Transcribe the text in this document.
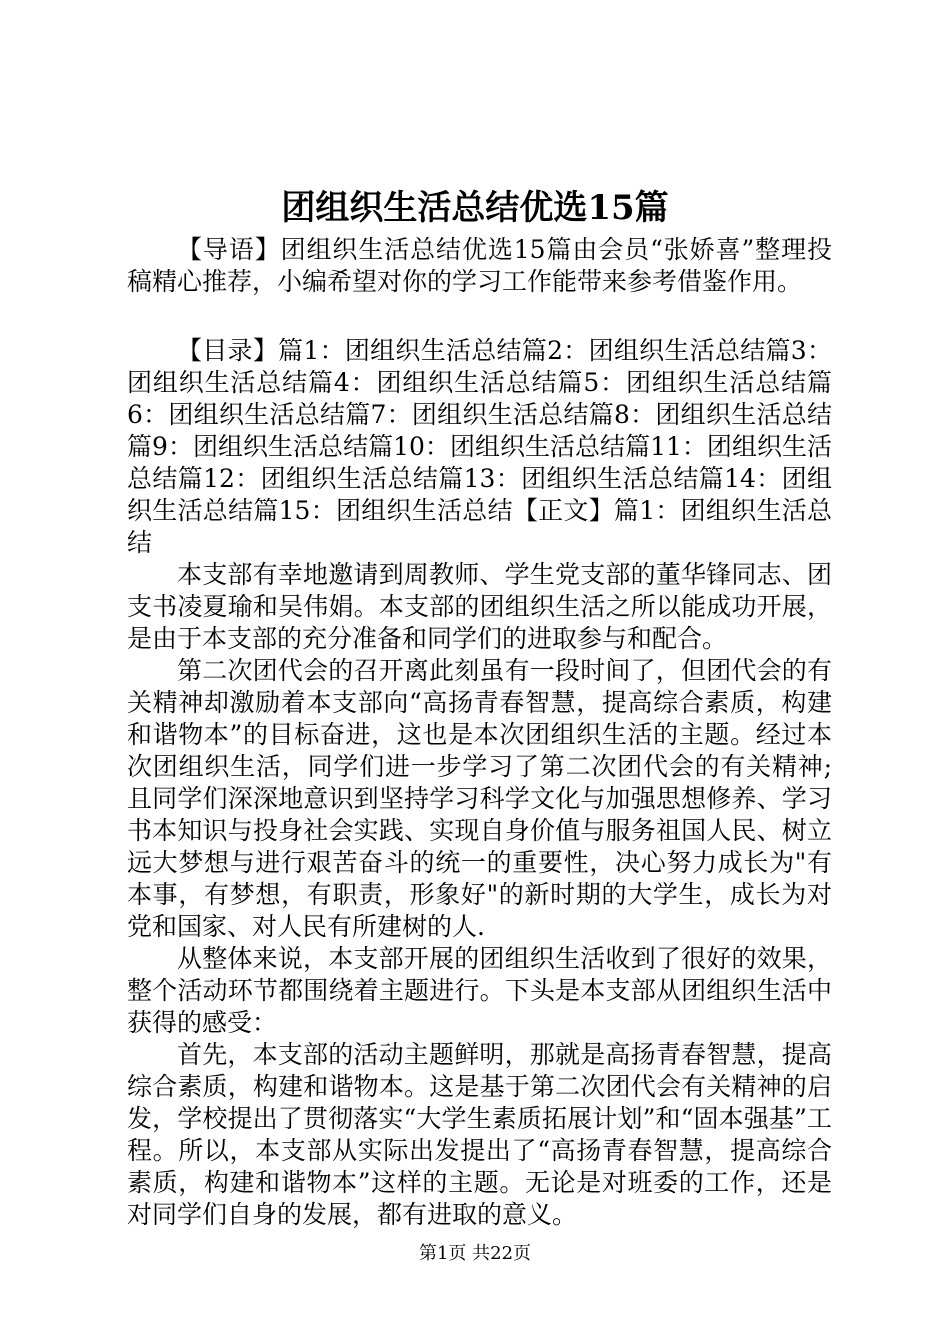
团组织生活总结优选15篇

【导语】团组织生活总结优选15篇由会员“张娇喜”整理投稿精心推荐，小编希望对你的学习工作能带来参考借鉴作用。

【目录】篇1：团组织生活总结篇2：团组织生活总结篇3：团组织生活总结篇4：团组织生活总结篇5：团组织生活总结篇6：团组织生活总结篇7：团组织生活总结篇8：团组织生活总结篇9：团组织生活总结篇10：团组织生活总结篇11：团组织生活总结篇12：团组织生活总结篇13：团组织生活总结篇14：团组织生活总结篇15：团组织生活总结【正文】篇1：团组织生活总结

本支部有幸地邀请到周教师、学生党支部的董华锋同志、团支书凌夏瑜和吴伟娟。本支部的团组织生活之所以能成功开展，是由于本支部的充分准备和同学们的进取参与和配合。

第二次团代会的召开离此刻虽有一段时间了，但团代会的有关精神却激励着本支部向“高扬青春智慧，提高综合素质，构建和谐物本”的目标奋进，这也是本次团组织生活的主题。经过本次团组织生活，同学们进一步学习了第二次团代会的有关精神;且同学们深深地意识到坚持学习科学文化与加强思想修养、学习书本知识与投身社会实践、实现自身价值与服务祖国人民、树立远大梦想与进行艰苦奋斗的统一的重要性，决心努力成长为"有本事，有梦想，有职责，形象好"的新时期的大学生，成长为对党和国家、对人民有所建树的人.

从整体来说，本支部开展的团组织生活收到了很好的效果，整个活动环节都围绕着主题进行。下头是本支部从团组织生活中获得的感受：

首先，本支部的活动主题鲜明，那就是高扬青春智慧，提高综合素质，构建和谐物本。这是基于第二次团代会有关精神的启发，学校提出了贯彻落实“大学生素质拓展计划”和“固本强基”工程。所以，本支部从实际出发提出了“高扬青春智慧，提高综合素质，构建和谐物本”这样的主题。无论是对班委的工作，还是对同学们自身的发展，都有进取的意义。

第1页 共22页
